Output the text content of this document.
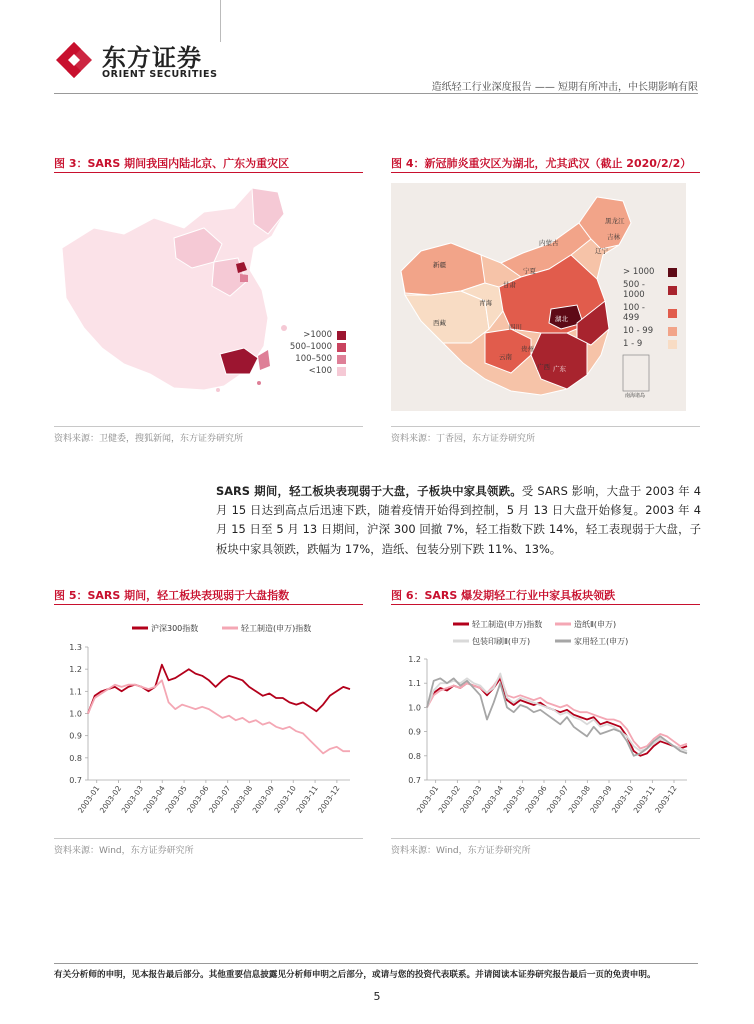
东方证券
ORIENT SECURITIES
造纸轻工行业深度报告 —— 短期有所冲击，中长期影响有限
图 3：SARS 期间我国内陆北京、广东为重灾区
>1000
500–1000
100–500
<100
资料来源：卫健委，搜狐新闻，东方证券研究所
图 4：新冠肺炎重灾区为湖北，尤其武汉（截止 2020/2/2）
新疆
西藏
青海
甘肃
内蒙古
黑龙江
吉林
辽宁
宁夏
四川
湖北
广东
云南
贵州
广西
南海诸岛
> 1000
500 - 1000
100 - 499
10 - 99
1 - 9
资料来源：丁香园，东方证券研究所
SARS 期间，轻工板块表现弱于大盘，子板块中家具领跌。受 SARS 影响，大盘于 2003 年 4 月 15 日达到高点后迅速下跌，随着疫情开始得到控制，5 月 13 日大盘开始修复。2003 年 4 月 15 日至 5 月 13 日期间，沪深 300 回撤 7%，轻工指数下跌 14%，轻工表现弱于大盘，子板块中家具领跌，跌幅为 17%，造纸、包装分别下跌 11%、13%。
图 5：SARS 期间，轻工板块表现弱于大盘指数
沪深300指数	轻工制造(申万)指数
0.7
0.8
0.9
1.0
1.1
1.2
1.3
2003-01
2003-02
2003-03
2003-04
2003-05
2003-06
2003-07
2003-08
2003-09
2003-10
2003-11
2003-12
资料来源：Wind，东方证券研究所
图 6：SARS 爆发期轻工行业中家具板块领跌
轻工制造(申万)指数	造纸Ⅱ(申万)
包装印刷Ⅱ(申万)	家用轻工(申万)
0.7
0.8
0.9
1.0
1.1
1.2
2003-01
2003-02
2003-03
2003-04
2003-05
2003-06
2003-07
2003-08
2003-09
2003-10
2003-11
2003-12
资料来源：Wind，东方证券研究所
有关分析师的申明，见本报告最后部分。其他重要信息披露见分析师申明之后部分，或请与您的投资代表联系。并请阅读本证券研究报告最后一页的免责申明。
5
